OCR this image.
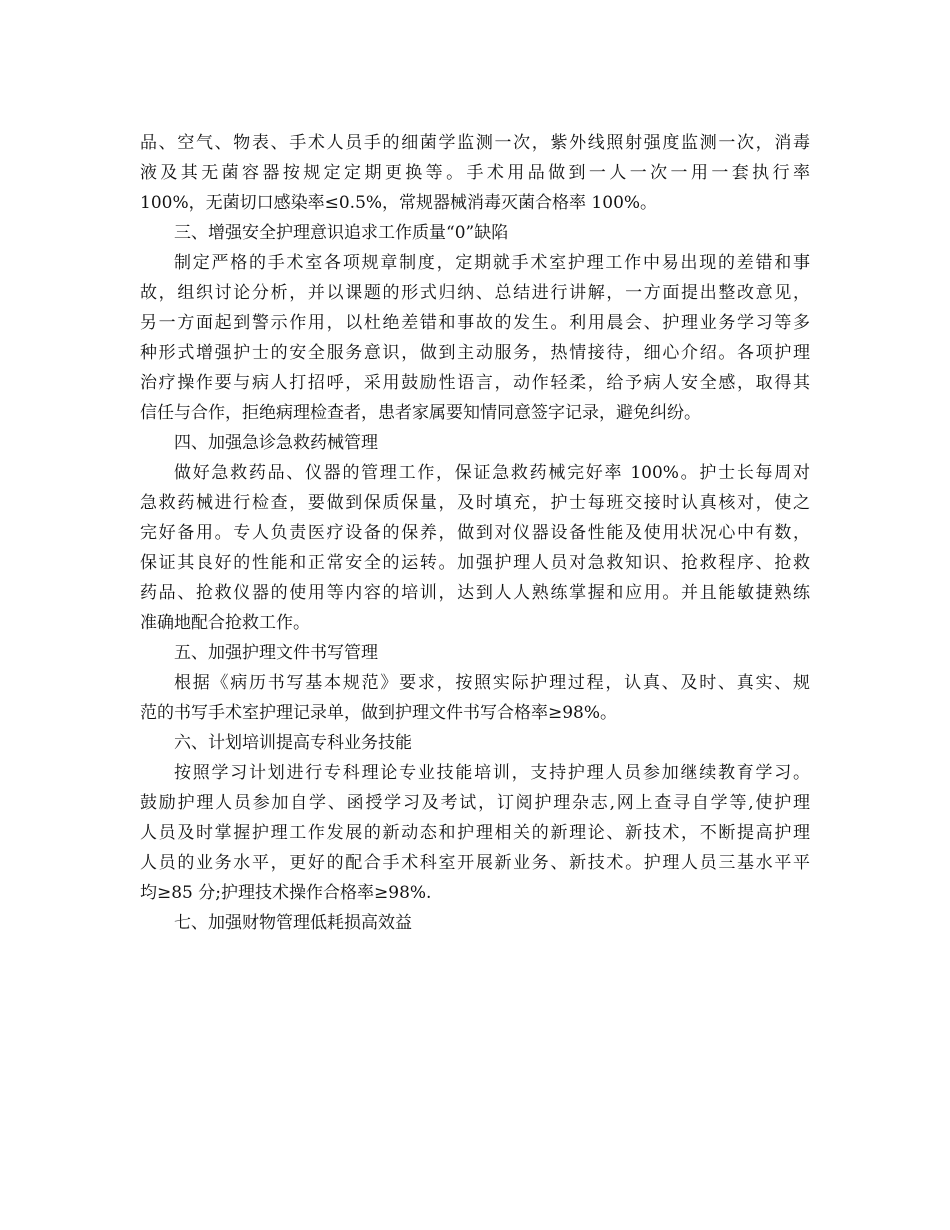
品、空气、物表、手术人员手的细菌学监测一次，紫外线照射强度监测一次，消毒
液及其无菌容器按规定定期更换等。手术用品做到一人一次一用一套执行率
100%，无菌切口感染率≤0.5%，常规器械消毒灭菌合格率 100%。
三、增强安全护理意识追求工作质量“0”缺陷
制定严格的手术室各项规章制度，定期就手术室护理工作中易出现的差错和事
故，组织讨论分析，并以课题的形式归纳、总结进行讲解，一方面提出整改意见，
另一方面起到警示作用，以杜绝差错和事故的发生。利用晨会、护理业务学习等多
种形式增强护士的安全服务意识，做到主动服务，热情接待，细心介绍。各项护理
治疗操作要与病人打招呼，采用鼓励性语言，动作轻柔，给予病人安全感，取得其
信任与合作，拒绝病理检查者，患者家属要知情同意签字记录，避免纠纷。
四、加强急诊急救药械管理
做好急救药品、仪器的管理工作，保证急救药械完好率 100%。护士长每周对
急救药械进行检查，要做到保质保量，及时填充，护士每班交接时认真核对，使之
完好备用。专人负责医疗设备的保养，做到对仪器设备性能及使用状况心中有数，
保证其良好的性能和正常安全的运转。加强护理人员对急救知识、抢救程序、抢救
药品、抢救仪器的使用等内容的培训，达到人人熟练掌握和应用。并且能敏捷熟练
准确地配合抢救工作。
五、加强护理文件书写管理
根据《病历书写基本规范》要求，按照实际护理过程，认真、及时、真实、规
范的书写手术室护理记录单，做到护理文件书写合格率≥98%。
六、计划培训提高专科业务技能
按照学习计划进行专科理论专业技能培训，支持护理人员参加继续教育学习。
鼓励护理人员参加自学、函授学习及考试，订阅护理杂志,网上查寻自学等,使护理
人员及时掌握护理工作发展的新动态和护理相关的新理论、新技术，不断提高护理
人员的业务水平，更好的配合手术科室开展新业务、新技术。护理人员三基水平平
均≥85 分;护理技术操作合格率≥98%.
七、加强财物管理低耗损高效益
